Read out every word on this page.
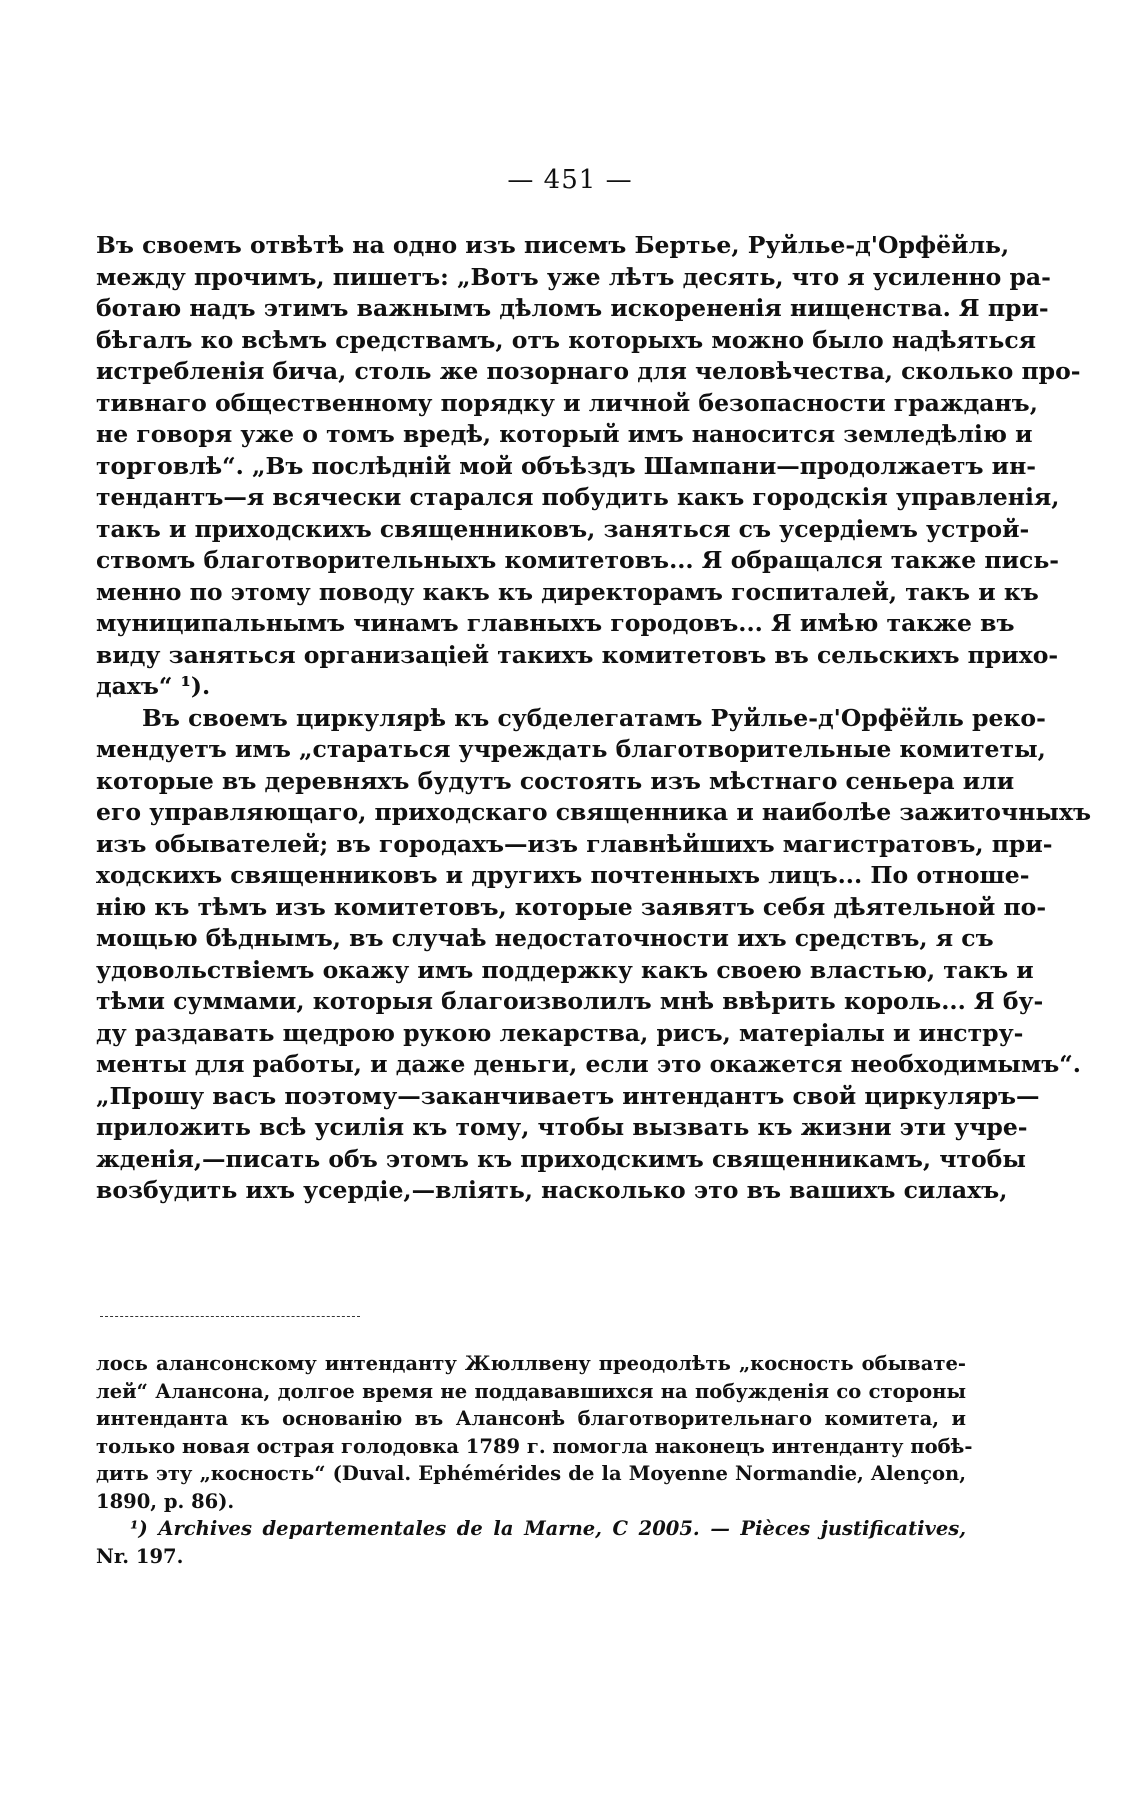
— 451 —
Въ своемъ отвѣтѣ на одно изъ писемъ Бертье, Руйлье-д'Орфёйль,
между прочимъ, пишетъ: „Вотъ уже лѣтъ десять, что я усиленно ра-
ботаю надъ этимъ важнымъ дѣломъ искорененія нищенства. Я при-
бѣгалъ ко всѣмъ средствамъ, отъ которыхъ можно было надѣяться
истребленія бича, столь же позорнаго для человѣчества, сколько про-
тивнаго общественному порядку и личной безопасности гражданъ,
не говоря уже о томъ вредѣ, который имъ наносится земледѣлію и
торговлѣ“. „Въ послѣдній мой объѣздъ Шампани—продолжаетъ ин-
тендантъ—я всячески старался побудить какъ городскія управленія,
такъ и приходскихъ священниковъ, заняться съ усердіемъ устрой-
ствомъ благотворительныхъ комитетовъ... Я обращался также пись-
менно по этому поводу какъ къ директорамъ госпиталей, такъ и къ
муниципальнымъ чинамъ главныхъ городовъ... Я имѣю также въ
виду заняться организаціей такихъ комитетовъ въ сельскихъ прихо-
дахъ“ ¹).
Въ своемъ циркулярѣ къ субделегатамъ Руйлье-д'Орфёйль реко-
мендуетъ имъ „стараться учреждать благотворительные комитеты,
которые въ деревняхъ будутъ состоять изъ мѣстнаго сеньера или
его управляющаго, приходскаго священника и наиболѣе зажиточныхъ
изъ обывателей; въ городахъ—изъ главнѣйшихъ магистратовъ, при-
ходскихъ священниковъ и другихъ почтенныхъ лицъ... По отноше-
нію къ тѣмъ изъ комитетовъ, которые заявятъ себя дѣятельной по-
мощью бѣднымъ, въ случаѣ недостаточности ихъ средствъ, я съ
удовольствіемъ окажу имъ поддержку какъ своею властью, такъ и
тѣми суммами, которыя благоизволилъ мнѣ ввѣрить король... Я бу-
ду раздавать щедрою рукою лекарства, рисъ, матеріалы и инстру-
менты для работы, и даже деньги, если это окажется необходимымъ“.
„Прошу васъ поэтому—заканчиваетъ интендантъ свой циркуляръ—
приложить всѣ усилія къ тому, чтобы вызвать къ жизни эти учре-
жденія,—писать объ этомъ къ приходскимъ священникамъ, чтобы
возбудить ихъ усердіе,—вліять, насколько это въ вашихъ силахъ,
лось алансонскому интенданту Жюллвену преодолѣть „косность обывате-
лей“ Алансона, долгое время не поддававшихся на побужденія со стороны
интенданта къ основанію въ Алансонѣ благотворительнаго комитета, и
только новая острая голодовка 1789 г. помогла наконецъ интенданту побѣ-
дить эту „косность“ (Duval. Ephémérides de la Moyenne Normandie, Alençon,
1890, p. 86).
¹) Archives departementales de la Marne, C 2005. — Pièces justificatives,
Nr. 197.
